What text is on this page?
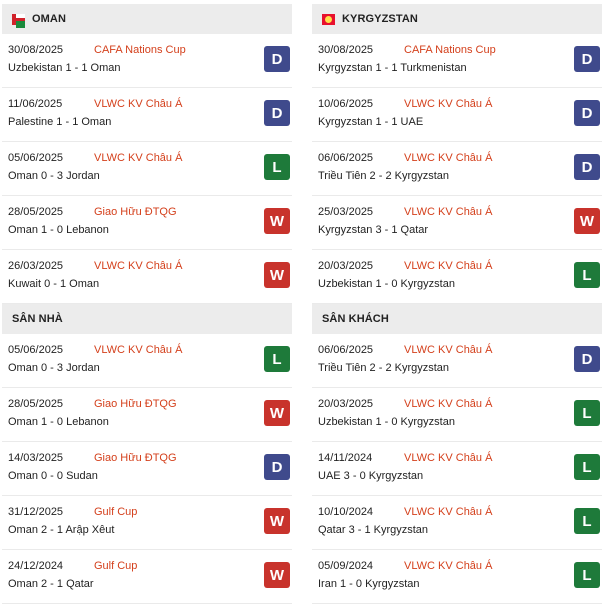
OMAN
30/08/2025	CAFA Nations Cup
Uzbekistan 1 - 1 Oman
D
11/06/2025	VLWC KV Châu Á
Palestine 1 - 1 Oman
D
05/06/2025	VLWC KV Châu Á
Oman 0 - 3 Jordan
L
28/05/2025	Giao Hữu ĐTQG
Oman 1 - 0 Lebanon
W
26/03/2025	VLWC KV Châu Á
Kuwait 0 - 1 Oman
W
SÂN NHÀ
05/06/2025	VLWC KV Châu Á
Oman 0 - 3 Jordan
L
28/05/2025	Giao Hữu ĐTQG
Oman 1 - 0 Lebanon
W
14/03/2025	Giao Hữu ĐTQG
Oman 0 - 0 Sudan
D
31/12/2025	Gulf Cup
Oman 2 - 1 Arập Xêut
W
24/12/2024	Gulf Cup
Oman 2 - 1 Qatar
W
KYRGYZSTAN
30/08/2025	CAFA Nations Cup
Kyrgyzstan 1 - 1 Turkmenistan
D
10/06/2025	VLWC KV Châu Á
Kyrgyzstan 1 - 1 UAE
D
06/06/2025	VLWC KV Châu Á
Triều Tiên 2 - 2 Kyrgyzstan
D
25/03/2025	VLWC KV Châu Á
Kyrgyzstan 3 - 1 Qatar
W
20/03/2025	VLWC KV Châu Á
Uzbekistan 1 - 0 Kyrgyzstan
L
SÂN KHÁCH
06/06/2025	VLWC KV Châu Á
Triều Tiên 2 - 2 Kyrgyzstan
D
20/03/2025	VLWC KV Châu Á
Uzbekistan 1 - 0 Kyrgyzstan
L
14/11/2024	VLWC KV Châu Á
UAE 3 - 0 Kyrgyzstan
L
10/10/2024	VLWC KV Châu Á
Qatar 3 - 1 Kyrgyzstan
L
05/09/2024	VLWC KV Châu Á
Iran 1 - 0 Kyrgyzstan
L
